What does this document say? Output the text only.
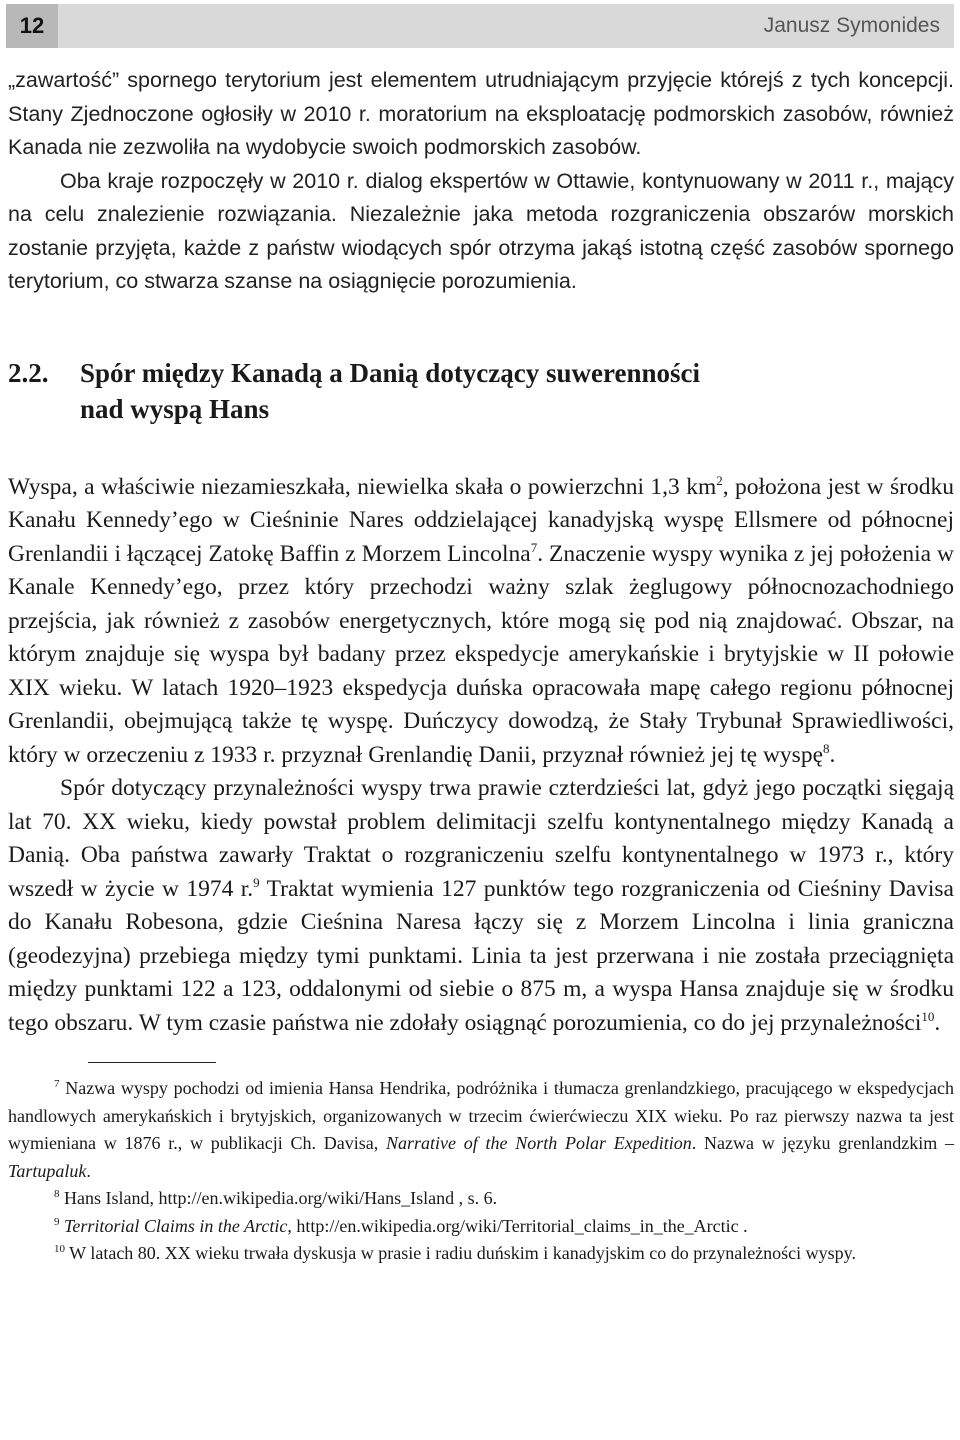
12	Janusz Symonides

„zawartość” spornego terytorium jest elementem utrudniającym przyjęcie którejś z tych koncepcji. Stany Zjednoczone ogłosiły w 2010 r. moratorium na eksploatację podmorskich zasobów, również Kanada nie zezwoliła na wydobycie swoich podmorskich zasobów.

Oba kraje rozpoczęły w 2010 r. dialog ekspertów w Ottawie, kontynuowany w 2011 r., mający na celu znalezienie rozwiązania. Niezależnie jaka metoda rozgraniczenia obszarów morskich zostanie przyjęta, każde z państw wiodących spór otrzyma jakąś istotną część zasobów spornego terytorium, co stwarza szanse na osiągnięcie porozumienia.

2.2.	Spór między Kanadą a Danią dotyczący suwerenności
nad wyspą Hans

Wyspa, a właściwie niezamieszkała, niewielka skała o powierzchni 1,3 $km^2$, położona jest w środku Kanału Kennedy’ego w Cieśninie Nares oddzielającej kanadyjską wyspę Ellsmere od północnej Grenlandii i łączącej Zatokę Baffin z Morzem Lincolna$^7$. Znaczenie wyspy wynika z jej położenia w Kanale Kennedy’ego, przez który przechodzi ważny szlak żeglugowy północnozachodniego przejścia, jak również z zasobów energetycznych, które mogą się pod nią znajdować. Obszar, na którym znajduje się wyspa był badany przez ekspedycje amerykańskie i brytyjskie w II połowie XIX wieku. W latach 1920–1923 ekspedycja duńska opracowała mapę całego regionu północnej Grenlandii, obejmującą także tę wyspę. Duńczycy dowodzą, że Stały Trybunał Sprawiedliwości, który w orzeczeniu z 1933 r. przyznał Grenlandię Danii, przyznał również jej tę wyspę$^8$.

Spór dotyczący przynależności wyspy trwa prawie czterdzieści lat, gdyż jego początki sięgają lat 70. XX wieku, kiedy powstał problem delimitacji szelfu kontynentalnego między Kanadą a Danią. Oba państwa zawarły Traktat o rozgraniczeniu szelfu kontynentalnego w 1973 r., który wszedł w życie w 1974 r.$^9$ Traktat wymienia 127 punktów tego rozgraniczenia od Cieśniny Davisa do Kanału Robesona, gdzie Cieśnina Naresa łączy się z Morzem Lincolna i linia graniczna (geodezyjna) przebiega między tymi punktami. Linia ta jest przerwana i nie została przeciągnięta między punktami 122 a 123, oddalonymi od siebie o 875 m, a wyspa Hansa znajduje się w środku tego obszaru. W tym czasie państwa nie zdołały osiągnąć porozumienia, co do jej przynależności$^{10}$.

$^7$ Nazwa wyspy pochodzi od imienia Hansa Hendrika, podróżnika i tłumacza grenlandzkiego, pracującego w ekspedycjach handlowych amerykańskich i brytyjskich, organizowanych w trzecim ćwierćwieczu XIX wieku. Po raz pierwszy nazwa ta jest wymieniana w 1876 r., w publikacji Ch. Davisa, Narrative of the North Polar Expedition. Nazwa w języku grenlandzkim – Tartupaluk.

$^8$ Hans Island, http://en.wikipedia.org/wiki/Hans_Island , s. 6.

$^9$ Territorial Claims in the Arctic, http://en.wikipedia.org/wiki/Territorial_claims_in_the_Arctic .

$^{10}$ W latach 80. XX wieku trwała dyskusja w prasie i radiu duńskim i kanadyjskim co do przynależności wyspy.
